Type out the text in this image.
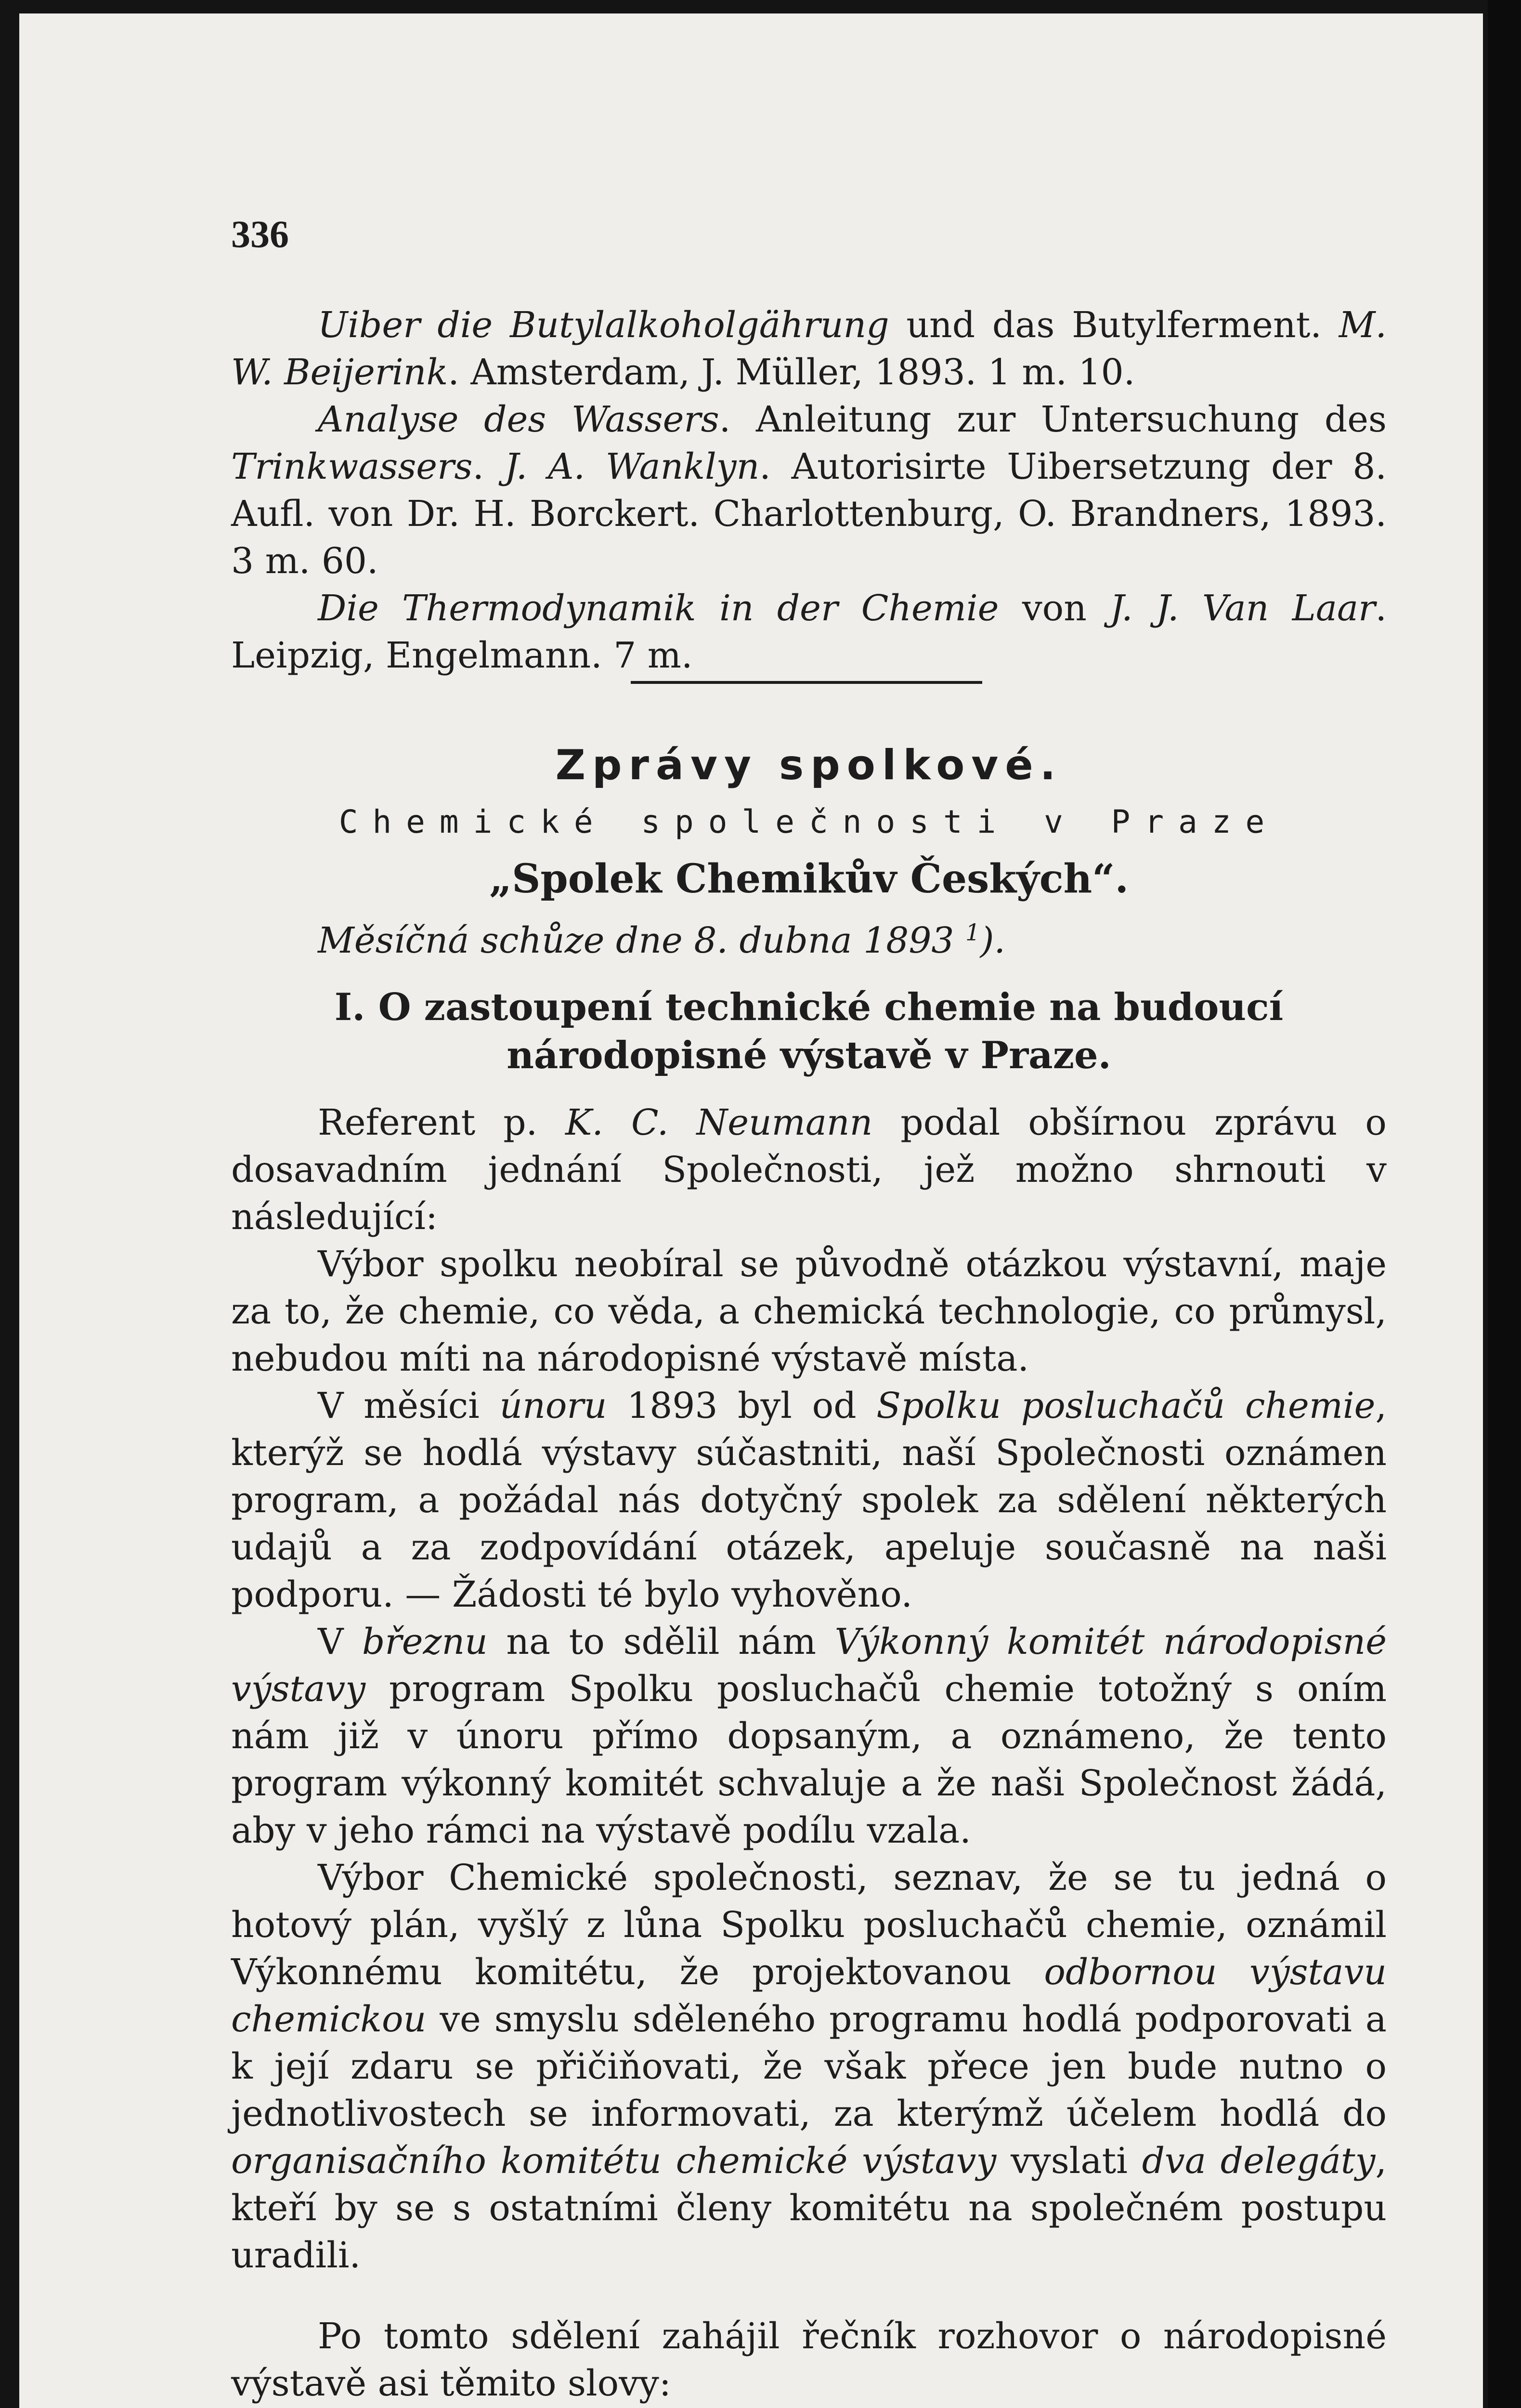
336

Uiber die Butylalkoholgährung und das Butylferment. M. W. Beijerink. Amsterdam, J. Müller, 1893. 1 m. 10.

Analyse des Wassers. Anleitung zur Untersuchung des Trinkwassers. J. A. Wanklyn. Autorisirte Uibersetzung der 8. Aufl. von Dr. H. Borckert. Charlottenburg, O. Brandners, 1893. 3 m. 60.

Die Thermodynamik in der Chemie von J. J. Van Laar. Leipzig, Engelmann. 7 m.

Zprávy spolkové.
Chemické společnosti v Praze
„Spolek Chemikův Českých“.
Měsíčná schůze dne 8. dubna 1893 $^1$).
I. O zastoupení technické chemie na budoucí národopisné výstavě v Praze.

Referent p. K. C. Neumann podal obšírnou zprávu o dosavadním jednání Společnosti, jež možno shrnouti v následující:

Výbor spolku neobíral se původně otázkou výstavní, maje za to, že chemie, co věda, a chemická technologie, co průmysl, nebudou míti na národopisné výstavě místa.

V měsíci únoru 1893 byl od Spolku posluchačů chemie, kterýž se hodlá výstavy súčastniti, naší Společnosti oznámen program, a požádal nás dotyčný spolek za sdělení některých udajů a za zodpovídání otázek, apeluje současně na naši podporu. — Žádosti té bylo vyhověno.

V březnu na to sdělil nám Výkonný komitét národopisné výstavy program Spolku posluchačů chemie totožný s oním nám již v únoru přímo dopsaným, a oznámeno, že tento program výkonný komitét schvaluje a že naši Společnost žádá, aby v jeho rámci na výstavě podílu vzala.

Výbor Chemické společnosti, seznav, že se tu jedná o hotový plán, vyšlý z lůna Spolku posluchačů chemie, oznámil Výkonnému komitétu, že projektovanou odbornou výstavu chemickou ve smyslu sděleného programu hodlá podporovati a k její zdaru se přičiňovati, že však přece jen bude nutno o jednotlivostech se informovati, za kterýmž účelem hodlá do organisačního komitétu chemické výstavy vyslati dva delegáty, kteří by se s ostatními členy komitétu na společném postupu uradili.

Po tomto sdělení zahájil řečník rozhovor o národopisné výstavě asi těmito slovy:
